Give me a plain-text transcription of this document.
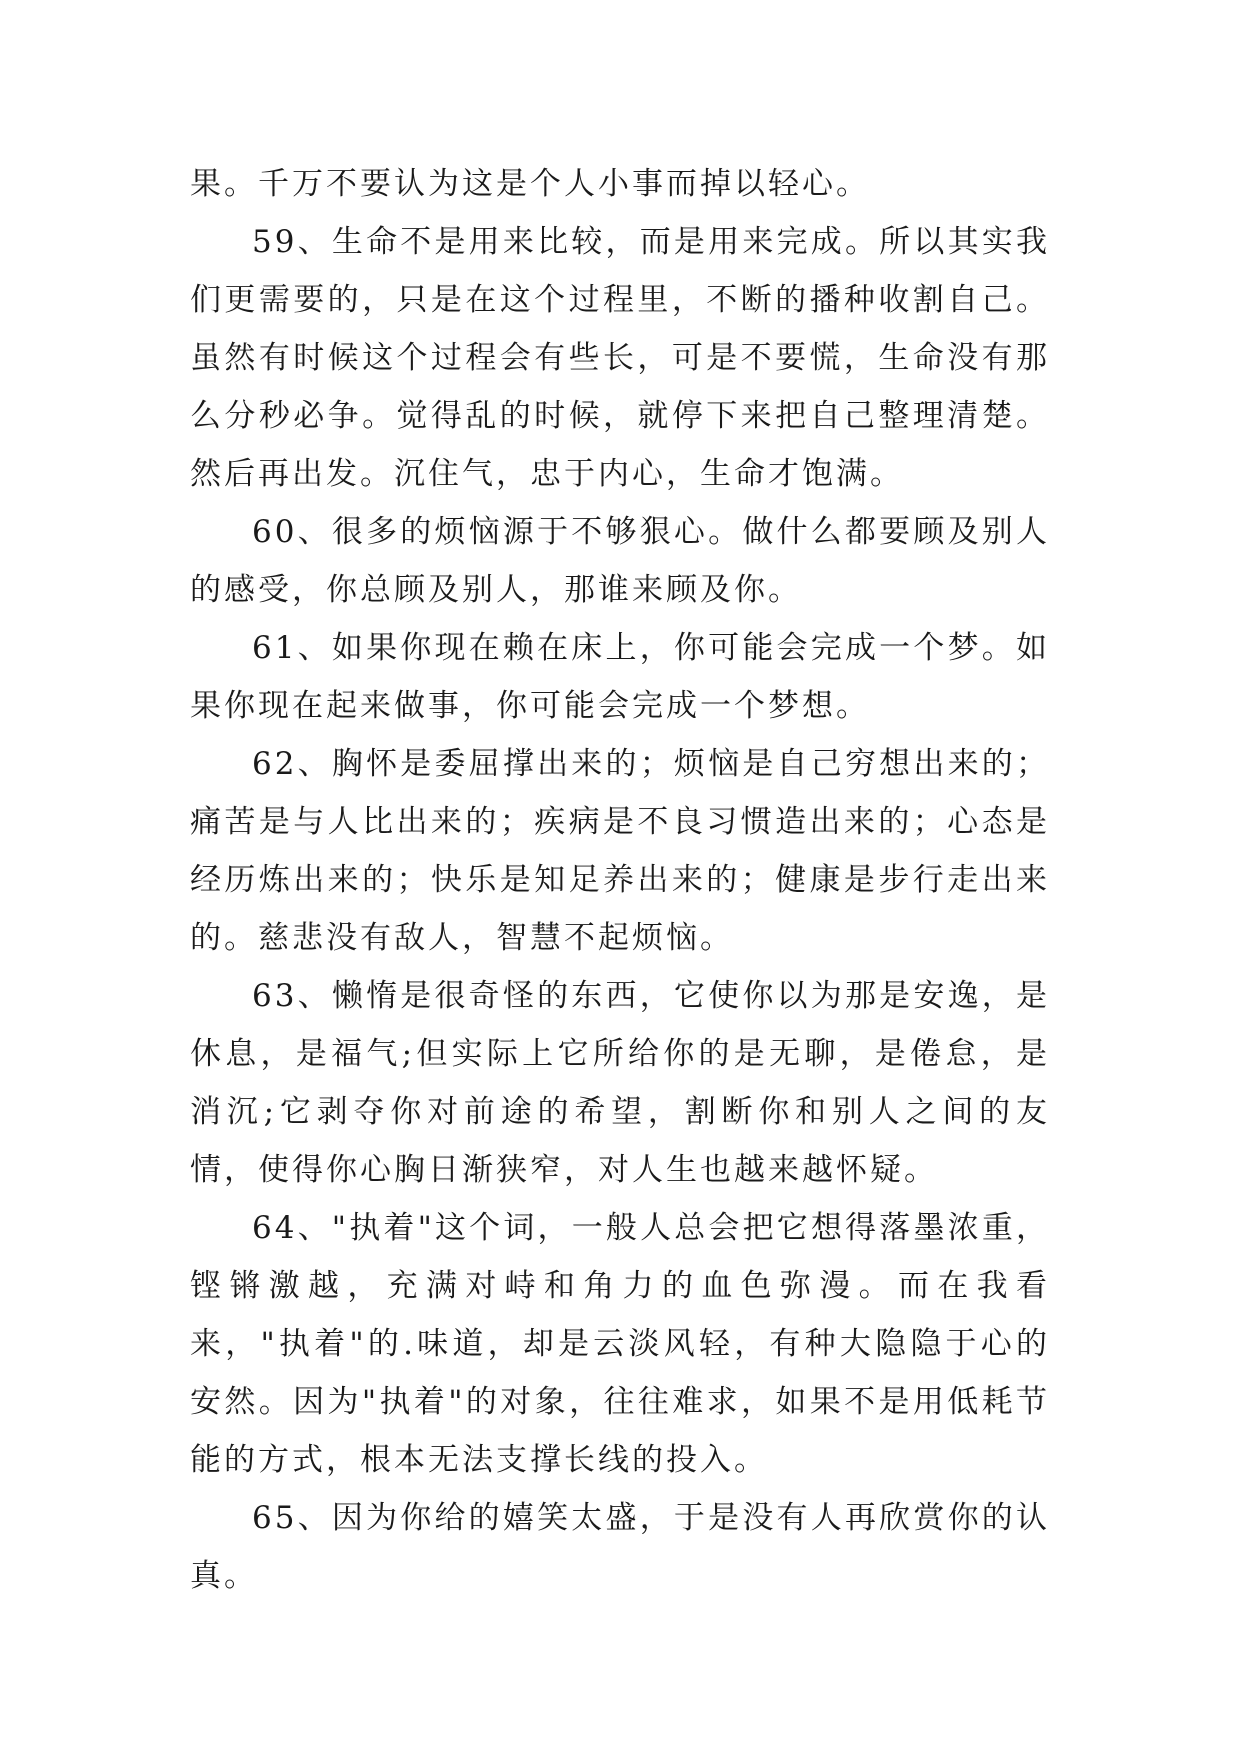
果。千万不要认为这是个人小事而掉以轻心。

59、生命不是用来比较，而是用来完成。所以其实我们更需要的，只是在这个过程里，不断的播种收割自己。虽然有时候这个过程会有些长，可是不要慌，生命没有那么分秒必争。觉得乱的时候，就停下来把自己整理清楚。然后再出发。沉住气，忠于内心，生命才饱满。

60、很多的烦恼源于不够狠心。做什么都要顾及别人的感受，你总顾及别人，那谁来顾及你。

61、如果你现在赖在床上，你可能会完成一个梦。如果你现在起来做事，你可能会完成一个梦想。

62、胸怀是委屈撑出来的；烦恼是自己穷想出来的；痛苦是与人比出来的；疾病是不良习惯造出来的；心态是经历炼出来的；快乐是知足养出来的；健康是步行走出来的。慈悲没有敌人，智慧不起烦恼。

63、懒惰是很奇怪的东西，它使你以为那是安逸，是休息，是福气;但实际上它所给你的是无聊，是倦怠，是消沉;它剥夺你对前途的希望，割断你和别人之间的友情，使得你心胸日渐狭窄，对人生也越来越怀疑。

64、"执着"这个词，一般人总会把它想得落墨浓重，铿锵激越，充满对峙和角力的血色弥漫。而在我看来，"执着"的.味道，却是云淡风轻，有种大隐隐于心的安然。因为"执着"的对象，往往难求，如果不是用低耗节能的方式，根本无法支撑长线的投入。

65、因为你给的嬉笑太盛，于是没有人再欣赏你的认真。
